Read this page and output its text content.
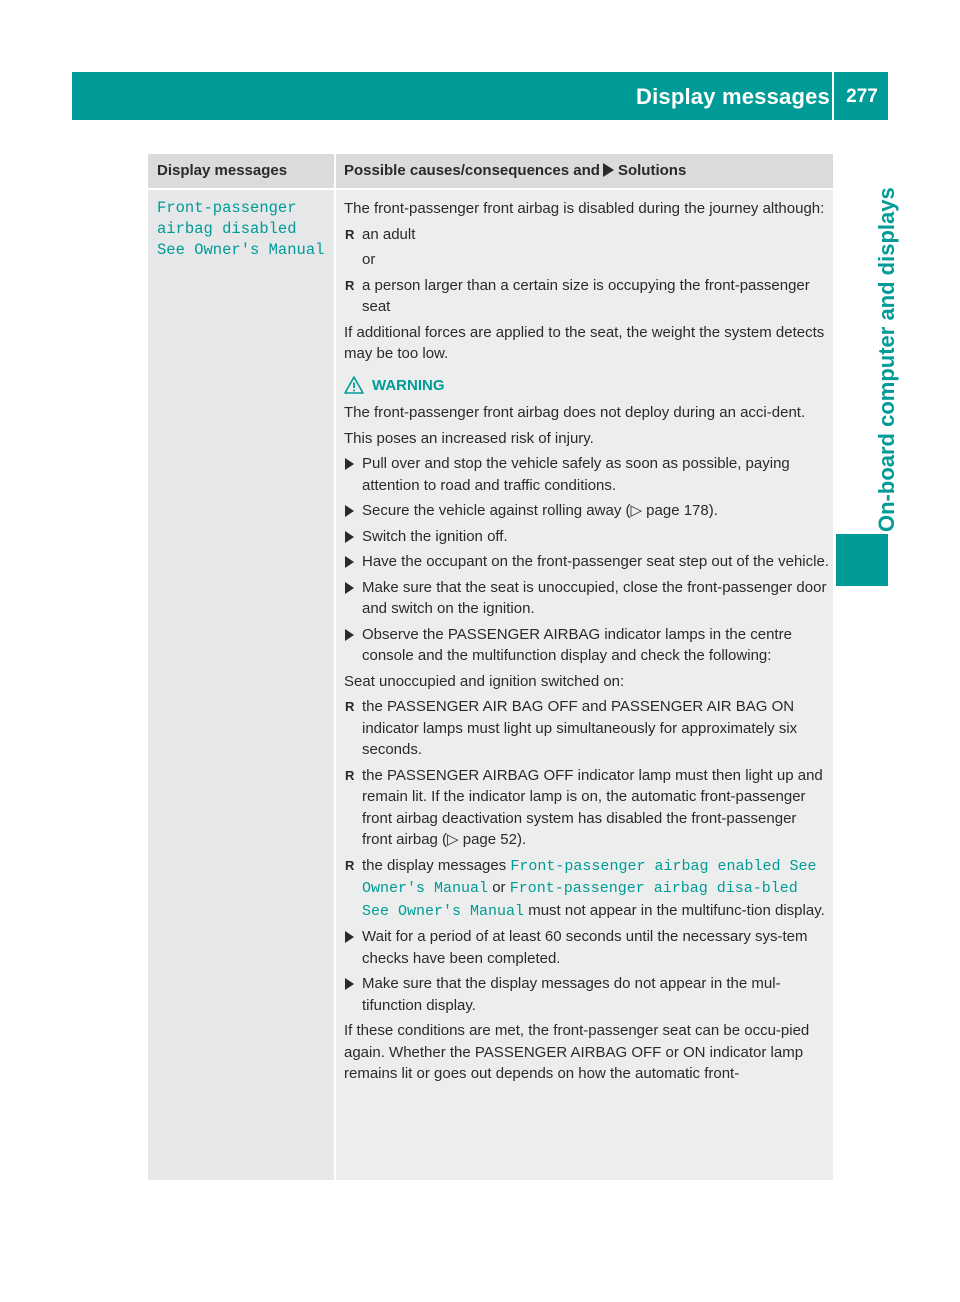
Display messages 277
On-board computer and displays
Display messages	Possible causes/consequences and Solutions
Front-passenger
airbag disabled
See Owner's Manual

The front-passenger front airbag is disabled during the journey although:

R an adult
or
R a person larger than a certain size is occupying the front-passenger seat

If additional forces are applied to the seat, the weight the system detects may be too low.

WARNING

The front-passenger front airbag does not deploy during an acci-dent.

This poses an increased risk of injury.

Pull over and stop the vehicle safely as soon as possible, paying attention to road and traffic conditions.
Secure the vehicle against rolling away (▷ page 178).
Switch the ignition off.
Have the occupant on the front-passenger seat step out of the vehicle.
Make sure that the seat is unoccupied, close the front-passenger door and switch on the ignition.
Observe the PASSENGER AIRBAG indicator lamps in the centre console and the multifunction display and check the following:

Seat unoccupied and ignition switched on:

R the PASSENGER AIR BAG OFF and PASSENGER AIR BAG ON indicator lamps must light up simultaneously for approximately six seconds.
R the PASSENGER AIRBAG OFF indicator lamp must then light up and remain lit. If the indicator lamp is on, the automatic front-passenger front airbag deactivation system has disabled the front-passenger front airbag (▷ page 52).
R the display messages Front-passenger airbag enabled See Owner's Manual or Front-passenger airbag disa-bled See Owner's Manual must not appear in the multifunc-tion display.
Wait for a period of at least 60 seconds until the necessary sys-tem checks have been completed.
Make sure that the display messages do not appear in the mul-tifunction display.

If these conditions are met, the front-passenger seat can be occu-pied again. Whether the PASSENGER AIRBAG OFF or ON indicator lamp remains lit or goes out depends on how the automatic front-
